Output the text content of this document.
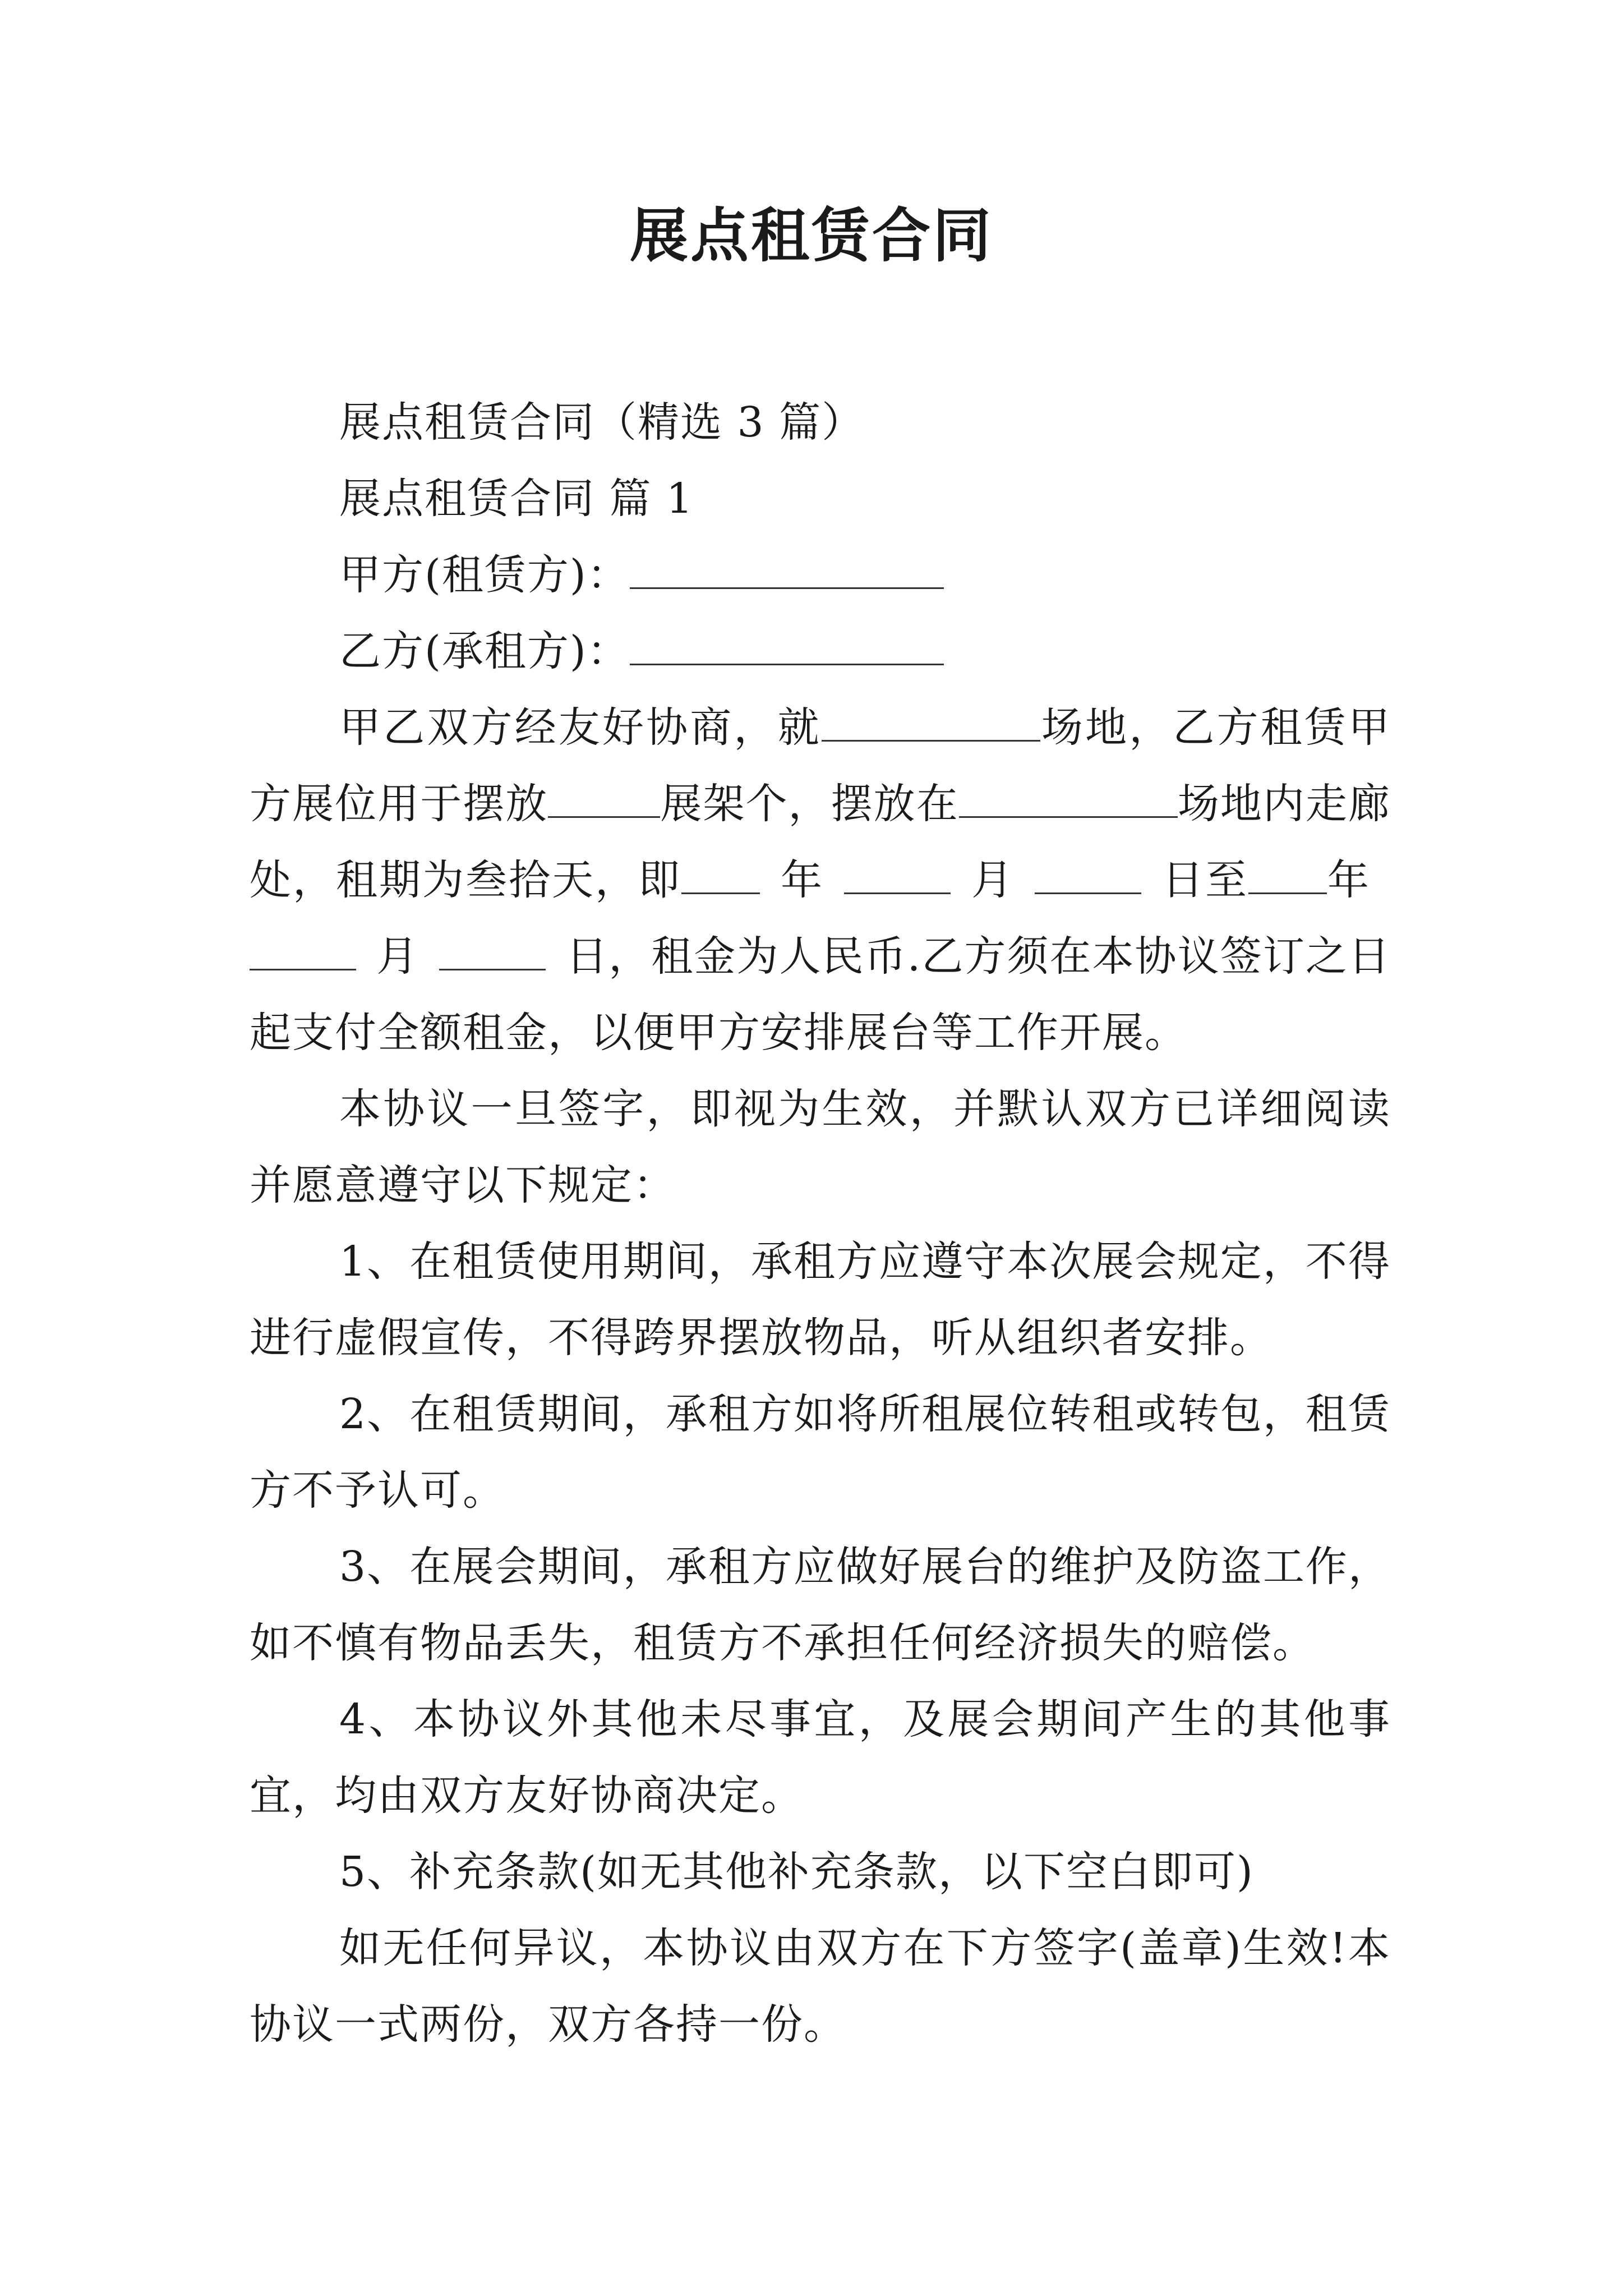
展点租赁合同

展点租赁合同（精选 3 篇）

展点租赁合同 篇 1

甲方(租赁方)：

乙方(承租方)：

甲乙双方经友好协商，就	场地，乙方租赁甲方展位用于摆放	展架个，摆放在	场地内走廊处，租期为叁拾天，即 年	月	日至 年月	日，租金为人民币.乙方须在本协议签订之日起支付全额租金，以便甲方安排展台等工作开展。

本协议一旦签字，即视为生效，并默认双方已详细阅读并愿意遵守以下规定：

1、在租赁使用期间，承租方应遵守本次展会规定，不得进行虚假宣传，不得跨界摆放物品，听从组织者安排。

2、在租赁期间，承租方如将所租展位转租或转包，租赁方不予认可。

3、在展会期间，承租方应做好展台的维护及防盗工作，如不慎有物品丢失，租赁方不承担任何经济损失的赔偿。

4、本协议外其他未尽事宜，及展会期间产生的其他事宜，均由双方友好协商决定。

5、补充条款(如无其他补充条款，以下空白即可)

如无任何异议，本协议由双方在下方签字(盖章)生效!本协议一式两份，双方各持一份。
